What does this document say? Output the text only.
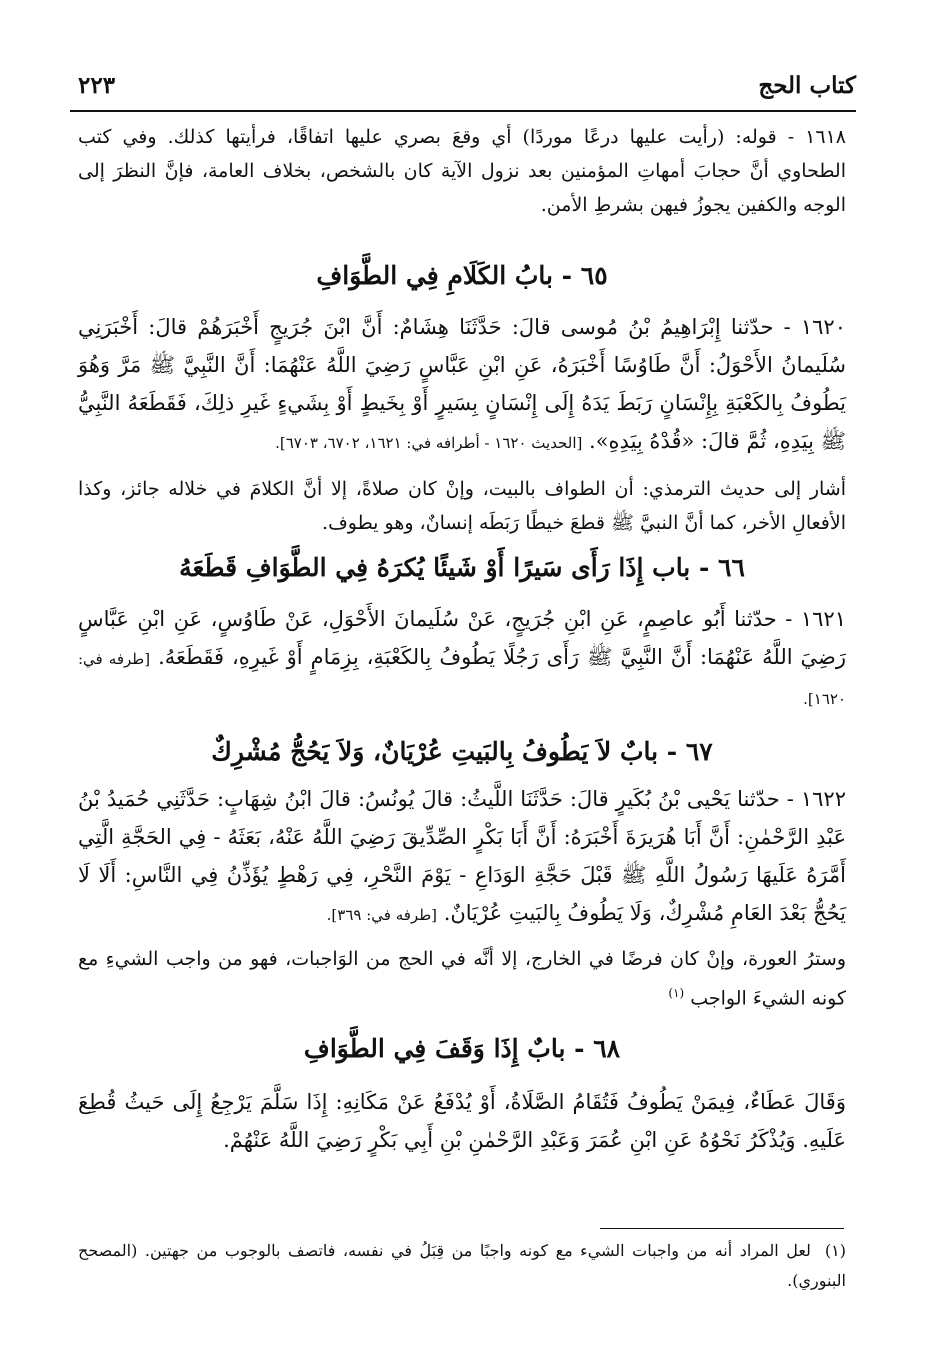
كتاب الحج
٢٢٣

١٦١٨ - قوله: (رأيت عليها درعًا موردًا) أي وقعَ بصري عليها اتفاقًا، فرأيتها كذلك. وفي كتب الطحاوي أنَّ حجابَ أمهاتِ المؤمنين بعد نزول الآية كان بالشخص، بخلاف العامة، فإنَّ النظرَ إلى الوجه والكفين يجوزُ فيهن بشرطِ الأمن.

٦٥ - بابُ الكَلَامِ فِي الطَّوَافِ

١٦٢٠ - حدّثنا إِبْرَاهِيمُ بْنُ مُوسى قالَ: حَدَّثَنَا هِشَامٌ: أَنَّ ابْنَ جُرَيجٍ أَخْبَرَهُمْ قالَ: أَخْبَرَنِي سُلَيمانُ الأَحْوَلُ: أَنَّ طَاوُسًا أَخْبَرَهُ، عَنِ ابْنِ عَبَّاسٍ رَضِيَ اللَّهُ عَنْهُمَا: أَنَّ النَّبِيَّ ﷺ مَرَّ وَهُوَ يَطُوفُ بِالكَعْبَةِ بِإِنْسَانٍ رَبَطَ يَدَهُ إِلَى إِنْسَانٍ بِسَيرٍ أَوْ بِخَيطٍ أَوْ بِشَيءٍ غَيرِ ذلِكَ، فَقَطَعَهُ النَّبِيُّ ﷺ بِيَدِهِ، ثُمَّ قالَ: «قُدْهُ بِيَدِهِ». [الحديث ١٦٢٠ - أطرافه في: ١٦٢١، ٦٧٠٢، ٦٧٠٣].

أشار إلى حديث الترمذي: أن الطواف بالبيت، وإنْ كان صلاةً، إلا أنَّ الكلامَ في خلاله جائز، وكذا الأفعالِ الأخر، كما أنَّ النبيَّ ﷺ قطعَ خيطًا رَبَطَه إنسانٌ، وهو يطوف.

٦٦ - باب إِذَا رَأَى سَيرًا أَوْ شَيئًا يُكرَهُ فِي الطَّوَافِ قَطَعَهُ

١٦٢١ - حدّثنا أَبُو عاصِمٍ، عَنِ ابْنِ جُرَيجٍ، عَنْ سُلَيمانَ الأَحْوَلِ، عَنْ طَاوُسٍ، عَنِ ابْنِ عَبَّاسٍ رَضِيَ اللَّهُ عَنْهُمَا: أَنَّ النَّبِيَّ ﷺ رَأَى رَجُلًا يَطُوفُ بِالكَعْبَةِ، بِزِمَامٍ أَوْ غَيرِهِ، فَقَطَعَهُ. [طرفه في: ١٦٢٠].

٦٧ - بابٌ لاَ يَطُوفُ بِالبَيتِ عُرْيَانٌ، وَلاَ يَحُجُّ مُشْرِكٌ

١٦٢٢ - حدّثنا يَحْيى بْنُ بُكَيرٍ قالَ: حَدَّثَنَا اللَّيثُ: قالَ يُونُسُ: قالَ ابْنُ شِهَابٍ: حَدَّثَنِي حُمَيدُ بْنُ عَبْدِ الرَّحْمٰنِ: أَنَّ أَبَا هُرَيرَةَ أَخْبَرَهُ: أَنَّ أَبَا بَكْرٍ الصِّدِّيقَ رَضِيَ اللَّهُ عَنْهُ، بَعَثَهُ - فِي الحَجَّةِ الَّتِي أَمَّرَهُ عَلَيهَا رَسُولُ اللَّهِ ﷺ قَبْلَ حَجَّةِ الوَدَاعِ - يَوْمَ النَّحْرِ، فِي رَهْطٍ يُؤَذِّنُ فِي النَّاسِ: أَلَا لَا يَحُجُّ بَعْدَ العَامِ مُشْرِكٌ، وَلَا يَطُوفُ بِالبَيتِ عُرْيَانٌ. [طرفه في: ٣٦٩].

وسترُ العورة، وإنْ كان فرضًا في الخارج، إلا أنَّه في الحج من الوَاجبات، فهو من واجب الشيءِ مع كونه الشيءَ الواجب $^{(١)}$

٦٨ - بابٌ إِذَا وَقَفَ فِي الطَّوَافِ

وَقَالَ عَطَاءٌ، فِيمَنْ يَطُوفُ فَتُقَامُ الصَّلَاةُ، أَوْ يُدْفَعُ عَنْ مَكَانِهِ: إِذَا سَلَّمَ يَرْجِعُ إِلَى حَيثُ قُطِعَ عَلَيهِ. وَيُذْكَرُ نَحْوُهُ عَنِ ابْنِ عُمَرَ وَعَبْدِ الرَّحْمٰنِ بْنِ أَبِي بَكْرٍ رَضِيَ اللَّهُ عَنْهُمْ.

(١)لعل المراد أنه من واجبات الشيء مع كونه واجبًا من قِبَلُ في نفسه، فاتصف بالوجوب من جهتين. (المصحح البنوري).
